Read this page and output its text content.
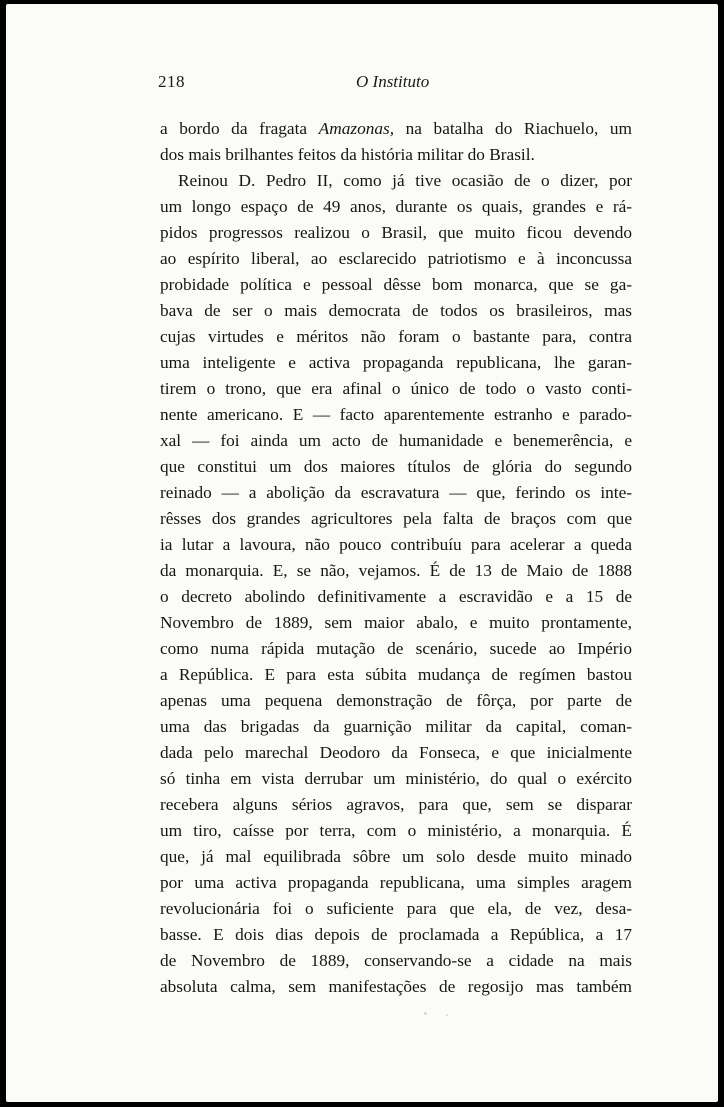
218	O Instituto
a bordo da fragata Amazonas, na batalha do Riachuelo, um
dos mais brilhantes feitos da história militar do Brasil.
Reinou D. Pedro II, como já tive ocasião de o dizer, por
um longo espaço de 49 anos, durante os quais, grandes e rá-
pidos progressos realizou o Brasil, que muito ficou devendo
ao espírito liberal, ao esclarecido patriotismo e à inconcussa
probidade política e pessoal dêsse bom monarca, que se ga-
bava de ser o mais democrata de todos os brasileiros, mas
cujas virtudes e méritos não foram o bastante para, contra
uma inteligente e activa propaganda republicana, lhe garan-
tirem o trono, que era afinal o único de todo o vasto conti-
nente americano. E — facto aparentemente estranho e parado-
xal — foi ainda um acto de humanidade e benemerência, e
que constitui um dos maiores títulos de glória do segundo
reinado — a abolição da escravatura — que, ferindo os inte-
rêsses dos grandes agricultores pela falta de braços com que
ia lutar a lavoura, não pouco contribuíu para acelerar a queda
da monarquia. E, se não, vejamos. É de 13 de Maio de 1888
o decreto abolindo definitivamente a escravidão e a 15 de
Novembro de 1889, sem maior abalo, e muito prontamente,
como numa rápida mutação de scenário, sucede ao Império
a República. E para esta súbita mudança de regímen bastou
apenas uma pequena demonstração de fôrça, por parte de
uma das brigadas da guarnição militar da capital, coman-
dada pelo marechal Deodoro da Fonseca, e que inicialmente
só tinha em vista derrubar um ministério, do qual o exército
recebera alguns sérios agravos, para que, sem se disparar
um tiro, caísse por terra, com o ministério, a monarquia. É
que, já mal equilibrada sôbre um solo desde muito minado
por uma activa propaganda republicana, uma simples aragem
revolucionária foi o suficiente para que ela, de vez, desa-
basse. E dois dias depois de proclamada a República, a 17
de Novembro de 1889, conservando-se a cidade na mais
absoluta calma, sem manifestações de regosijo mas também
